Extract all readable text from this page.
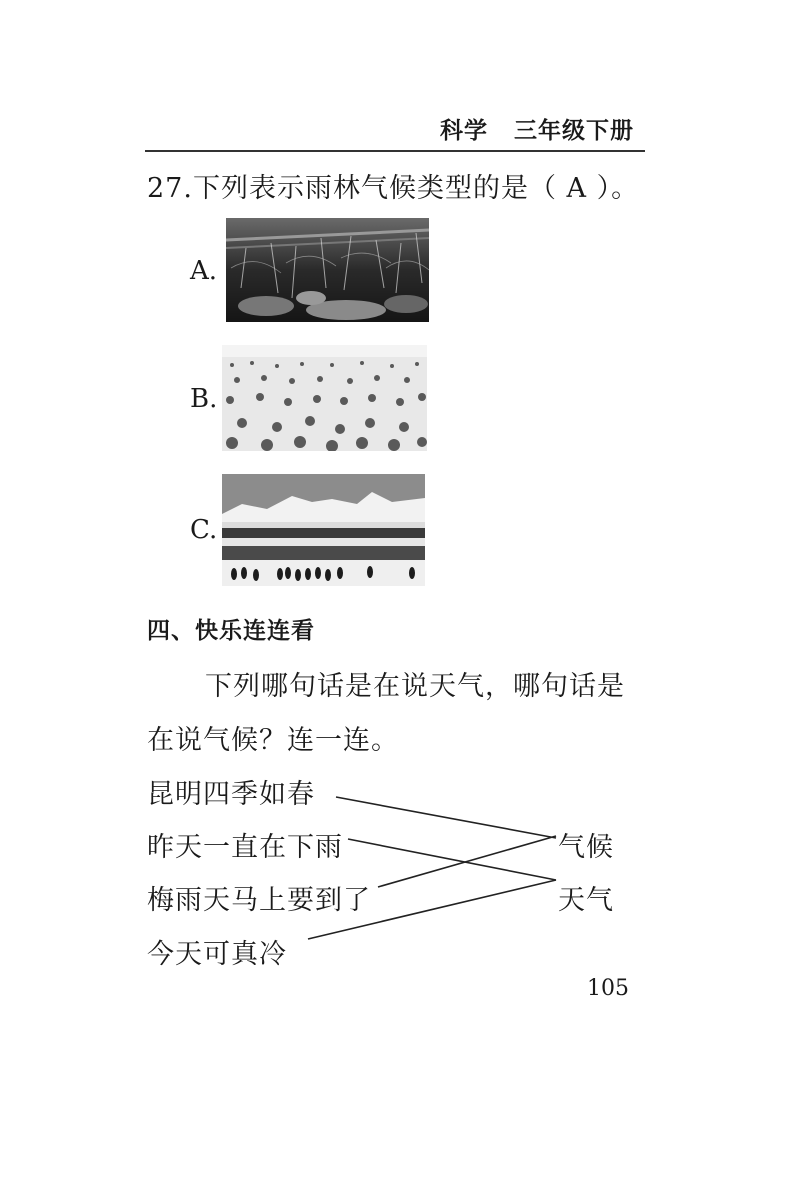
科学 三年级下册
27.下列表示雨林气候类型的是（ A ）。
A.
B.
C.
四、快乐连连看
下列哪句话是在说天气，哪句话是
在说气候？连一连。
昆明四季如春
昨天一直在下雨
梅雨天马上要到了
今天可真冷
气候
天气
105
